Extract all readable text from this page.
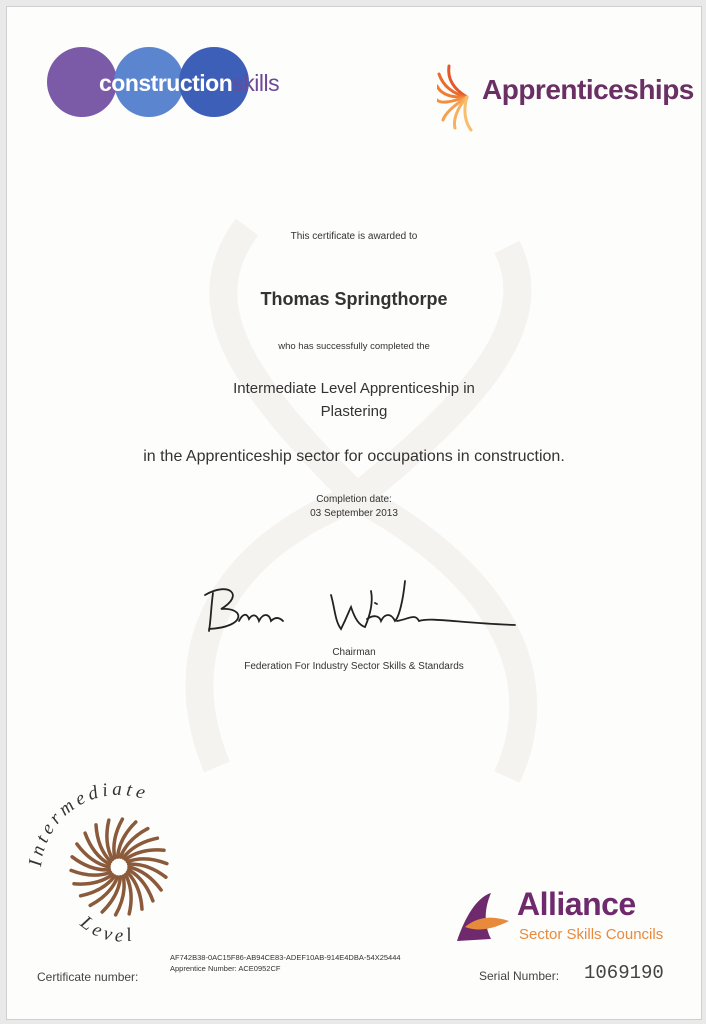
constructionskills	Apprenticeships
This certificate is awarded to
Thomas Springthorpe
who has successfully completed the
Intermediate Level Apprenticeship in
Plastering
in the Apprenticeship sector for occupations in construction.
Completion date:
03 September 2013
Chairman
Federation For Industry Sector Skills & Standards
Intermediate
Level
Alliance
Sector Skills Councils
Certificate number:
AF742B38-0AC15F86-AB94CE83-ADEF10AB-914E4DBA-54X25444
Apprentice Number: ACE0952CF
Serial Number: 1069190
